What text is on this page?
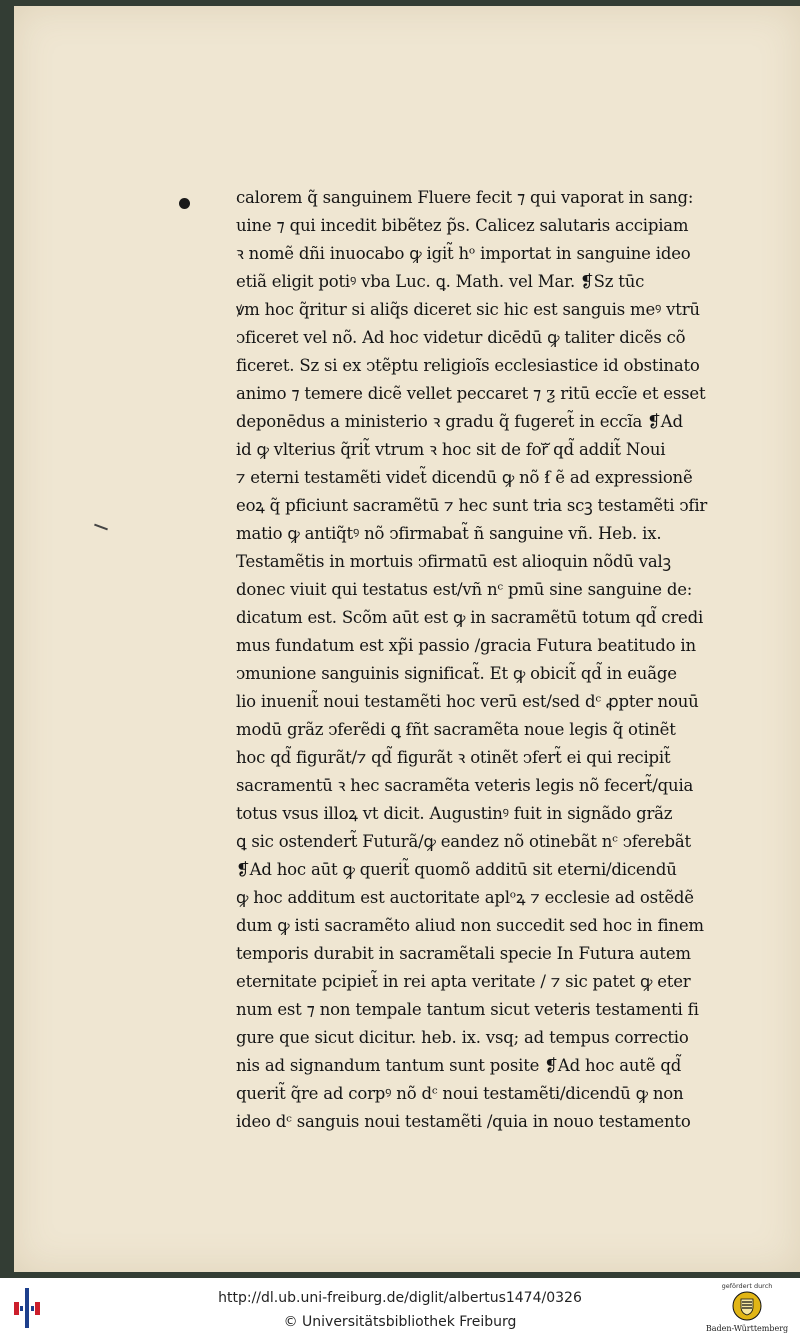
calorem q̃ sanguinem Fluere fecit ⁊ qui vaporat in sang:
uine ⁊ qui incedit bibẽtez p̃s. Calicez salutaris accipiam
ꝛ nomẽ dñi inuocabo ꝙ igit̃ hᵒ importat in sanguine ideo
etiã eligit potiꝰ vba Luc. ꝗ. Math. vel Mar. ❡Sz tūc
ꝟm hoc q̃ritur si aliq̃s diceret sic hic est sanguis meꝰ vtrū
ↄficeret vel nõ. Ad hoc videtur dicēdū ꝙ taliter dicẽs cõ
ficeret. Sz si ex ↄtẽptu religioĩs ecclesiastice id obstinato
animo ⁊ temere dicẽ vellet peccaret ⁊ ƺ ritū eccĩe et esset
deponēdus a ministerio ꝛ gradu q̃ fugeret̃ in eccĩa ❡Ad
id ꝙ vlterius q̃rit̃ vtrum ꝛ hoc sit de forᷓ qd̃ addit̃ Noui
⁊ eterni testamẽti videt̃ dicendū ꝙ nõ ẜ ẽ ad expressionẽ
eoꝝ q̃ pficiunt sacramẽtū ⁊ hec sunt tria scꝫ testamẽti ↄfir
matio ꝙ antiq̃tꝰ nõ ↄfirmabat̃ ñ sanguine vñ. Heb. ix.
Testamẽtis in mortuis ↄfirmatū est alioquin nõdū valꝫ
donec viuit qui testatus est/vñ nᶜ pmū sine sanguine de:
dicatum est. Scõm aūt est ꝙ in sacramẽtū totum qd̃ credi
mus fundatum est xp̃i passio /gracia Futura beatitudo in
ↄmunione sanguinis significat̃. Et ꝙ obicit̃ qd̃ in euãge
lio inuenit̃ noui testamẽti hoc verū est/sed dᶜ ꝓpter nouū
modū grãz ↄferẽdi ꝗ ẜñt sacramẽta noue legis q̃ otinẽt
hoc qd̃ figurãt/⁊ qd̃ figurãt ꝛ otinẽt ↄfert̃ ei qui recipit̃
sacramentū ꝛ hec sacramẽta veteris legis nõ fecert̃/quia
totus vsus illoꝝ vt dicit. Augustinꝰ fuit in signãdo grãz
ꝗ sic ostendert̃ Futurã/ꝙ eandez nõ otinebãt nᶜ ↄferebãt
❡Ad hoc aūt ꝙ querit̃ quomõ additū sit eterni/dicendū
ꝙ hoc additum est auctoritate aplᵒꝝ ⁊ ecclesie ad ostẽdẽ
dum ꝙ isti sacramẽto aliud non succedit sed hoc in finem
temporis durabit in sacramẽtali specie In Futura autem
eternitate pcipiet̃ in rei apta veritate / ⁊ sic patet ꝙ eter
num est ⁊ non tempale tantum sicut veteris testamenti fi
gure que sicut dicitur. heb. ix. vsq; ad tempus correctio
nis ad signandum tantum sunt posite ❡Ad hoc autẽ qd̃
querit̃ q̃re ad corpꝰ nõ dᶜ noui testamẽti/dicendū ꝙ non
ideo dᶜ sanguis noui testamẽti /quia in nouo testamento
http://dl.ub.uni-freiburg.de/diglit/albertus1474/0326
© Universitätsbibliothek Freiburg
gefördert durch
Baden-Württemberg
